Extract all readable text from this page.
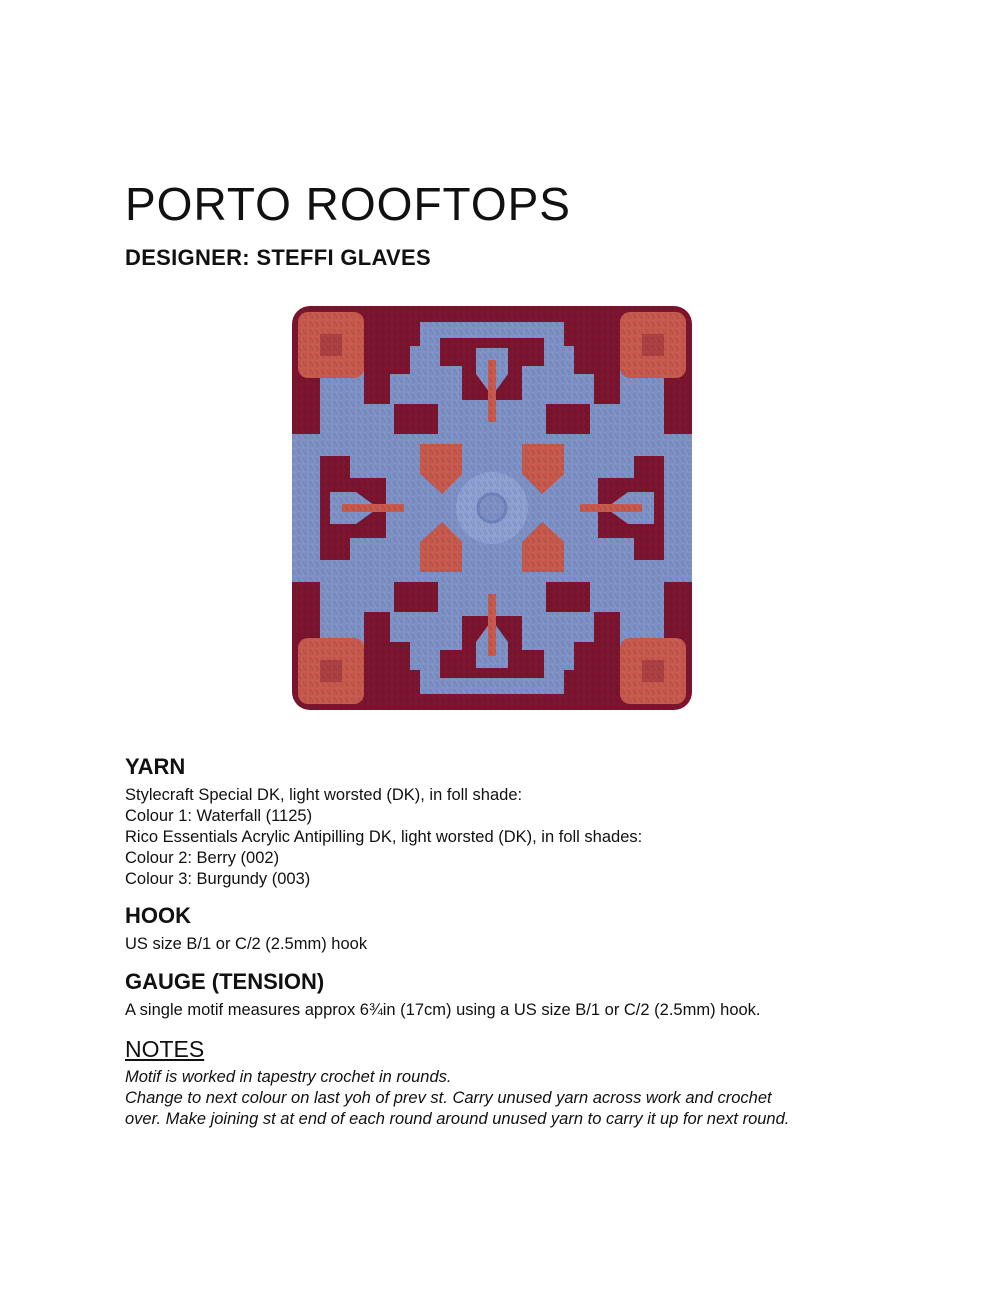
PORTO ROOFTOPS
DESIGNER: STEFFI GLAVES
YARN

Stylecraft Special DK, light worsted (DK), in foll shade:

Colour 1: Waterfall (1125)

Rico Essentials Acrylic Antipilling DK, light worsted (DK), in foll shades:

Colour 2: Berry (002)

Colour 3: Burgundy (003)

HOOK

US size B/1 or C/2 (2.5mm) hook

GAUGE (TENSION)

A single motif measures approx 6¾in (17cm) using a US size B/1 or C/2 (2.5mm) hook.

NOTES

Motif is worked in tapestry crochet in rounds.

Change to next colour on last yoh of prev st. Carry unused yarn across work and crochet

over. Make joining st at end of each round around unused yarn to carry it up for next round.
